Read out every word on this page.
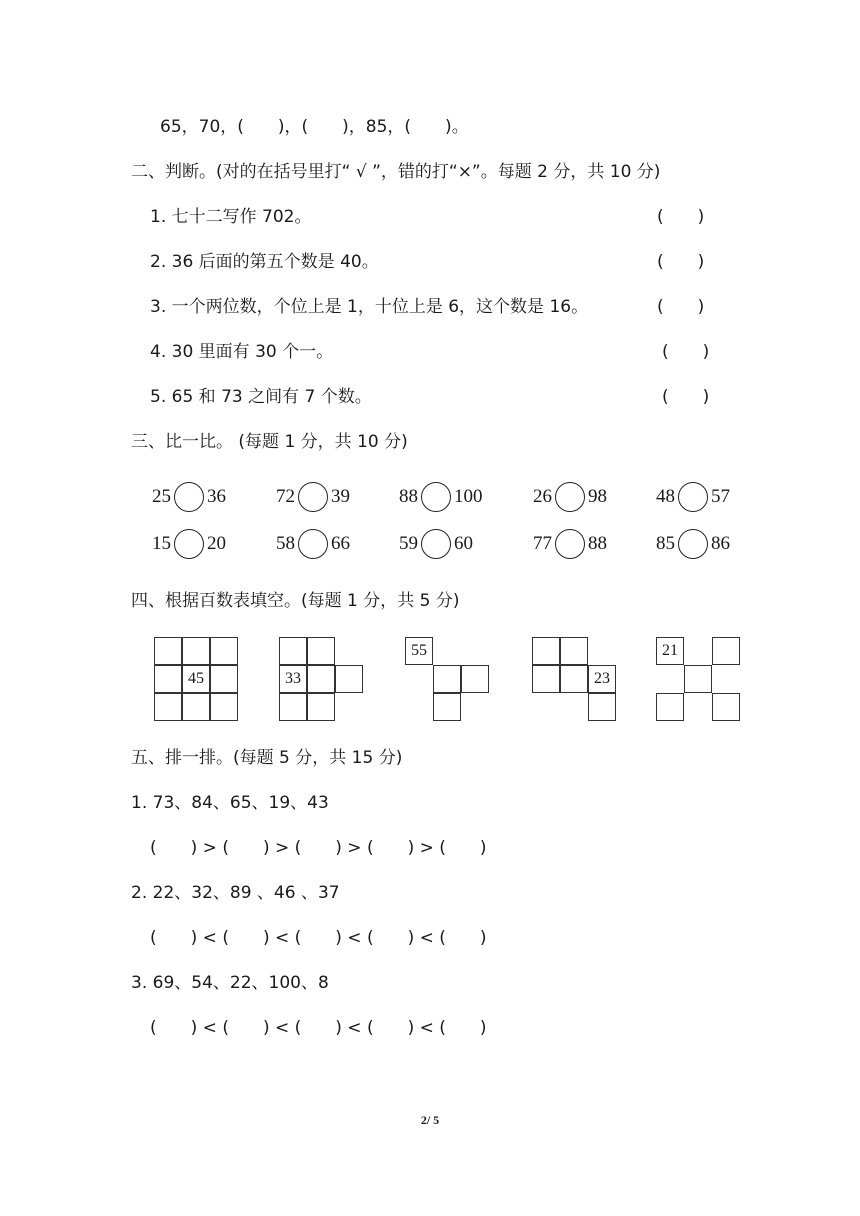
65，70，(　　)，(　　)，85，(　　)。
二、判断。(对的在括号里打“ √ ”，错的打“×”。每题 2 分，共 10 分)
1. 七十二写作 702。	(　　)
2. 36 后面的第五个数是 40。	(　　)
3. 一个两位数，个位上是 1，十位上是 6，这个数是 16。	(　　)
4. 30 里面有 30 个一。	(　　)
5. 65 和 73 之间有 7 个数。	(　　)
三、比一比。 (每题 1 分，共 10 分)
25 36	72 39	88 100	26 98	48 57
15 20	58 66	59 60	77 88	85 86
四、根据百数表填空。(每题 1 分，共 5 分)
45	33
55
23
21
五、排一排。(每题 5 分，共 15 分)
1. 73、84、65、19、43
(　　) > (　　) > (　　) > (　　) > (　　)
2. 22、32、89 、46 、37
(　　) < (　　) < (　　) < (　　) < (　　)
3. 69、54、22、100、8
(　　) < (　　) < (　　) < (　　) < (　　)
2/ 5
